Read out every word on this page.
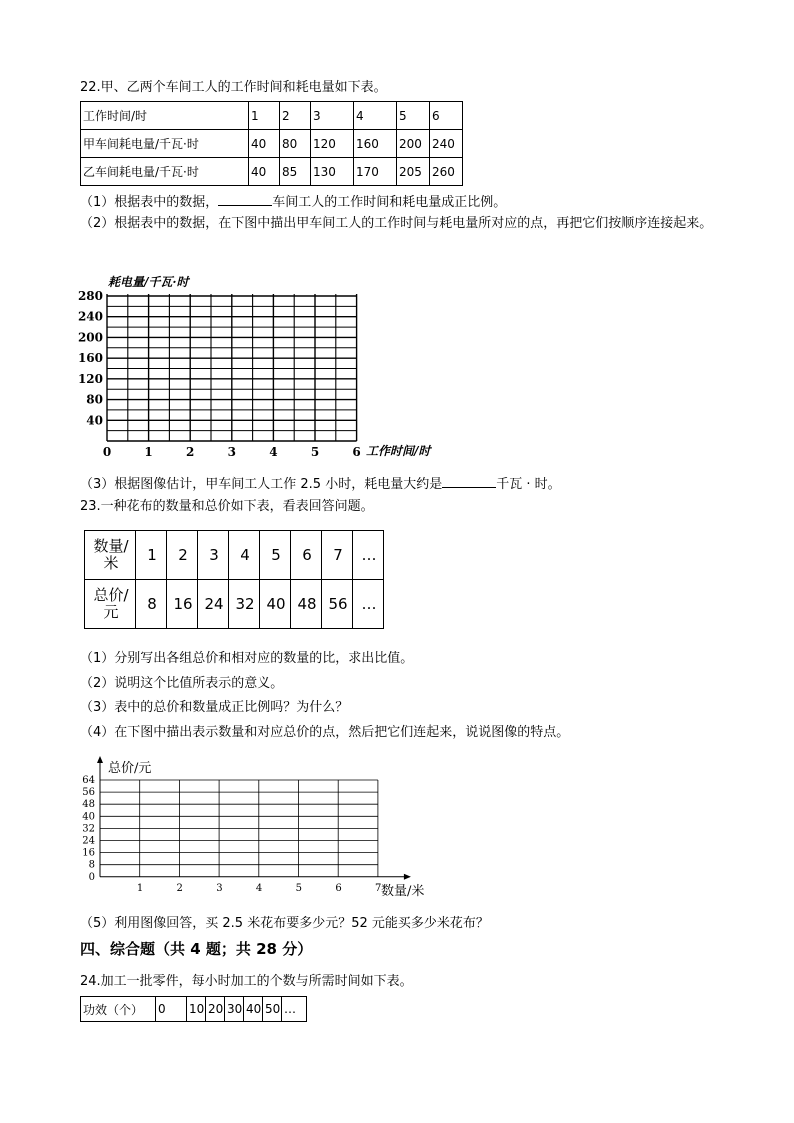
22.甲、乙两个车间工人的工作时间和耗电量如下表。
工作时间/时	1	2	3	4	5	6
甲车间耗电量/千瓦·时	40	80	120	160	200	240
乙车间耗电量/千瓦·时	40	85	130	170	205	260
（1）根据表中的数据，	车间工人的工作时间和耗电量成正比例。
（2）根据表中的数据，在下图中描出甲车间工人的工作时间与耗电量所对应的点，再把它们按顺序连接起来。
耗电量/千瓦·时
280
240
200
160
120
80
40
0	1	2	3	4	5	6 工作时间/时
（3）根据图像估计，甲车间工人工作 2.5 小时，耗电量大约是	千瓦 · 时。
23.一种花布的数量和总价如下表，看表回答问题。
数量/
米	1	2	3	4	5	6	7	…

总价/
元	8	16	24	32	40	48	56	…
（1）分别写出各组总价和相对应的数量的比，求出比值。
（2）说明这个比值所表示的意义。
（3）表中的总价和数量成正比例吗？为什么？
（4）在下图中描出表示数量和对应总价的点，然后把它们连起来，说说图像的特点。
总价/元
64
56
48
40
32
24
16
8
0
1	2	3	4	5	6	7 数量/米
（5）利用图像回答，买 2.5 米花布要多少元？52 元能买多少米花布？
四、综合题（共 4 题；共 28 分）
24.加工一批零件，每小时加工的个数与所需时间如下表。
功效（个）	0	10	20	30	40	50	…
